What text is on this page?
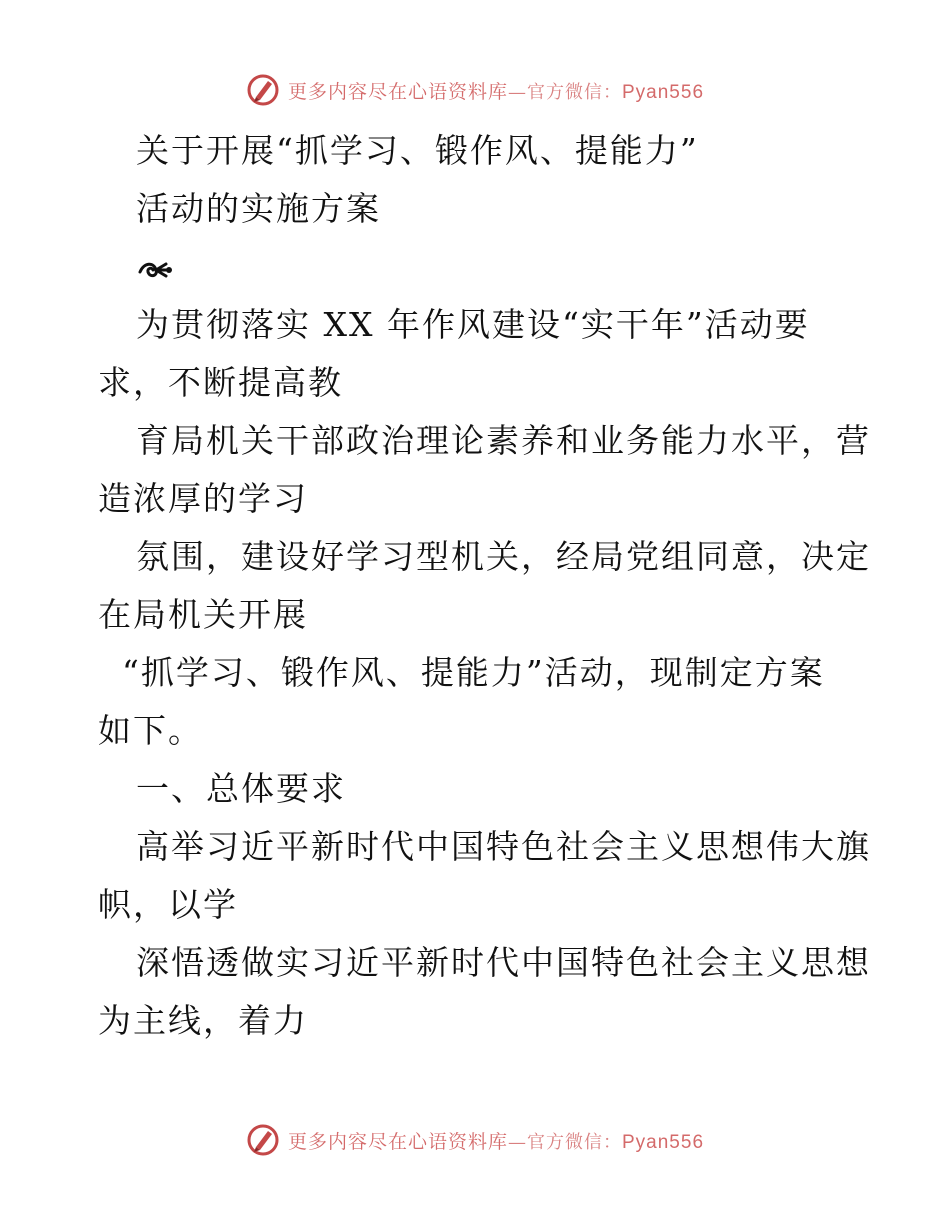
更多内容尽在心语资料库—官方微信：Pyan556
关于开展“抓学习、锻作风、提能力”
活动的实施方案
为贯彻落实 XX 年作风建设“实干年”活动要
求，不断提高教
育局机关干部政治理论素养和业务能力水平，营
造浓厚的学习
氛围，建设好学习型机关，经局党组同意，决定
在局机关开展
“抓学习、锻作风、提能力”活动，现制定方案
如下。
一、总体要求
高举习近平新时代中国特色社会主义思想伟大旗
帜，以学
深悟透做实习近平新时代中国特色社会主义思想
为主线，着力
更多内容尽在心语资料库—官方微信：Pyan556
